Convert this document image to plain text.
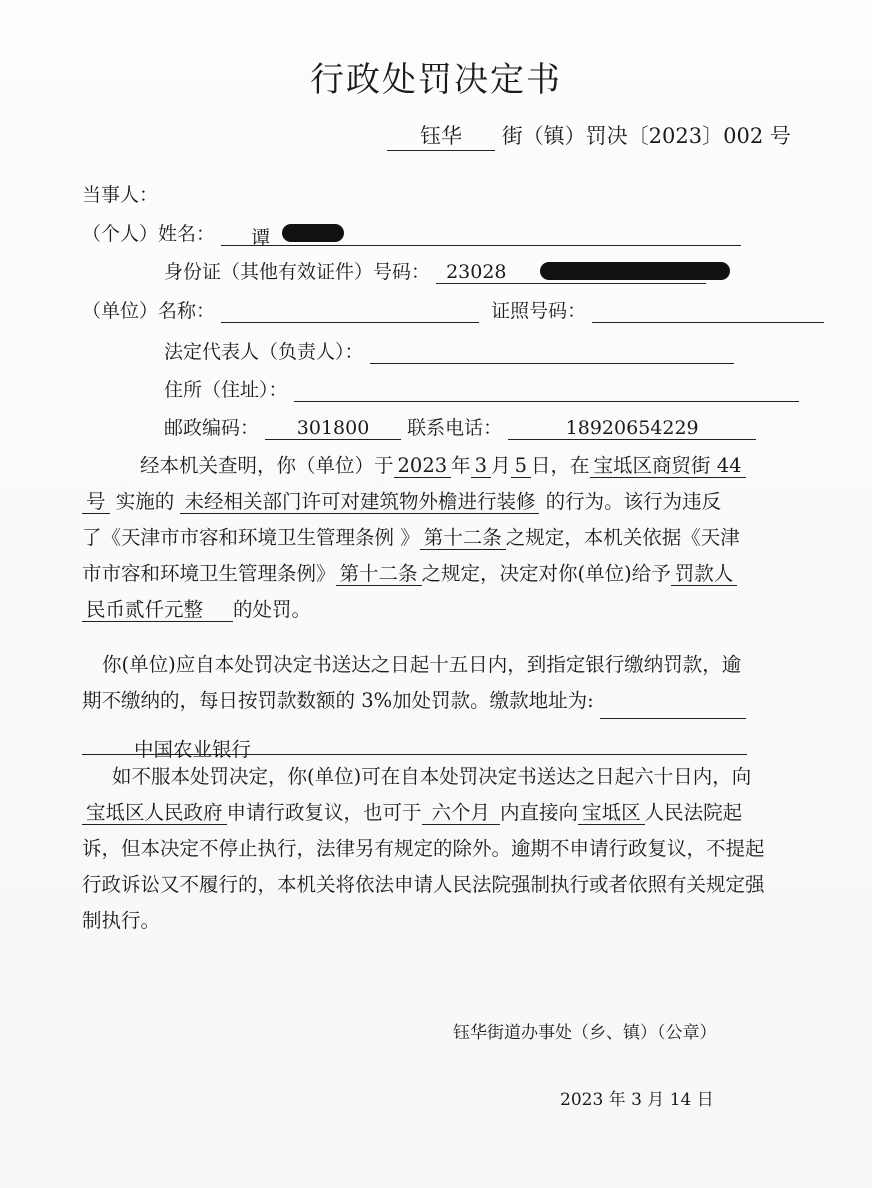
行政处罚决定书
钰华 街（镇）罚决〔2023〕002 号
当事人：
（个人）姓名： 谭
身份证（其他有效证件）号码： 23028
（单位）名称：	证照号码：
法定代表人（负责人）：
住所（住址）：
邮政编码： 301800 联系电话：	18920654229
经本机关查明，你（单位）于 2023 年 3 月 5 日，在 宝坻区商贸街 44
号 实施的 未经相关部门许可对建筑物外檐进行装修 的行为。该行为违反
了《天津市市容和环境卫生管理条例 》 第十二条 之规定，本机关依据《天津
市市容和环境卫生管理条例》 第十二条 之规定，决定对你(单位)给予 罚款人
民币贰仟元整 的处罚。
你(单位)应自本处罚决定书送达之日起十五日内，到指定银行缴纳罚款，逾
期不缴纳的，每日按罚款数额的 3%加处罚款。缴款地址为:
中国农业银行
如不服本处罚决定，你(单位)可在自本处罚决定书送达之日起六十日内，向
宝坻区人民政府 申请行政复议，也可于 六个月 内直接向 宝坻区 人民法院起
诉，但本决定不停止执行，法律另有规定的除外。逾期不申请行政复议，不提起
行政诉讼又不履行的，本机关将依法申请人民法院强制执行或者依照有关规定强
制执行。
钰华街道办事处（乡、镇）（公章）
2023 年 3 月 14 日
